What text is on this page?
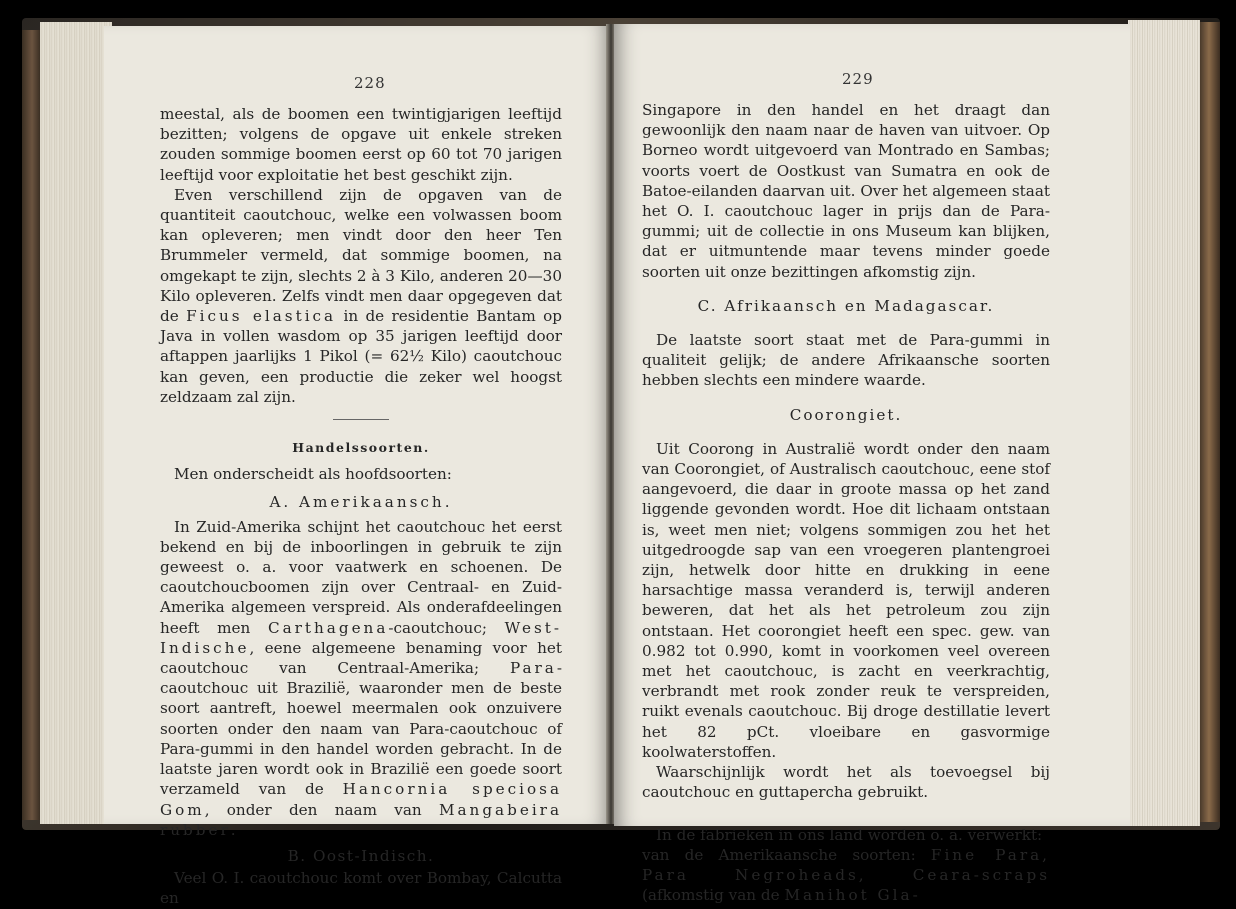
228

meestal, als de boomen een twintigjarigen leeftijd bezitten; volgens de opgave uit enkele streken zouden sommige boomen eerst op 60 tot 70 jarigen leeftijd voor exploitatie het best geschikt zijn.

Even verschillend zijn de opgaven van de quantiteit caoutchouc, welke een volwassen boom kan opleveren; men vindt door den heer Ten Brummeler vermeld, dat sommige boomen, na omgekapt te zijn, slechts 2 à 3 Kilo, anderen 20—30 Kilo opleveren. Zelfs vindt men daar opgegeven dat de Ficus elastica in de residentie Bantam op Java in vollen wasdom op 35 jarigen leeftijd door aftappen jaarlijks 1 Pikol (= 62½ Kilo) caoutchouc kan geven, een productie die zeker wel hoogst zeldzaam zal zijn.

Handelssoorten.

Men onderscheidt als hoofdsoorten:

A. Amerikaansch.

In Zuid-Amerika schijnt het caoutchouc het eerst bekend en bij de inboorlingen in gebruik te zijn geweest o. a. voor vaatwerk en schoenen. De caoutchoucboomen zijn over Centraal- en Zuid-Amerika algemeen verspreid. Als onderafdeelingen heeft men Carthagena-caoutchouc; West-Indische, eene algemeene benaming voor het caoutchouc van Centraal-Amerika; Para-caoutchouc uit Brazilië, waaronder men de beste soort aantreft, hoewel meermalen ook onzuivere soorten onder den naam van Para-caoutchouc of Para-gummi in den handel worden gebracht. In de laatste jaren wordt ook in Brazilië een goede soort verzameld van de Hancornia speciosa Gom, onder den naam van Mangabeira rubber.

B. Oost-Indisch.

Veel O. I. caoutchouc komt over Bombay, Calcutta en

229

Singapore in den handel en het draagt dan gewoonlijk den naam naar de haven van uitvoer. Op Borneo wordt uitgevoerd van Montrado en Sambas; voorts voert de Oostkust van Sumatra en ook de Batoe-eilanden daarvan uit. Over het algemeen staat het O. I. caoutchouc lager in prijs dan de Para-gummi; uit de collectie in ons Museum kan blijken, dat er uitmuntende maar tevens minder goede soorten uit onze bezittingen afkomstig zijn.

C. Afrikaansch en Madagascar.

De laatste soort staat met de Para-gummi in qualiteit gelijk; de andere Afrikaansche soorten hebben slechts een mindere waarde.

Coorongiet.

Uit Coorong in Australië wordt onder den naam van Coorongiet, of Australisch caoutchouc, eene stof aangevoerd, die daar in groote massa op het zand liggende gevonden wordt. Hoe dit lichaam ontstaan is, weet men niet; volgens sommigen zou het het uitgedroogde sap van een vroegeren plantengroei zijn, hetwelk door hitte en drukking in eene harsachtige massa veranderd is, terwijl anderen beweren, dat het als het petroleum zou zijn ontstaan. Het coorongiet heeft een spec. gew. van 0.982 tot 0.990, komt in voorkomen veel overeen met het caoutchouc, is zacht en veerkrachtig, verbrandt met rook zonder reuk te verspreiden, ruikt evenals caoutchouc. Bij droge destillatie levert het 82 pCt. vloeibare en gasvormige koolwaterstoffen.

Waarschijnlijk wordt het als toevoegsel bij caoutchouc en guttapercha gebruikt.

In de fabrieken in ons land worden o. a. verwerkt:

van de Amerikaansche soorten: Fine Para, Para Negroheads, Ceara-scraps (afkomstig van de Manihot Gla-
